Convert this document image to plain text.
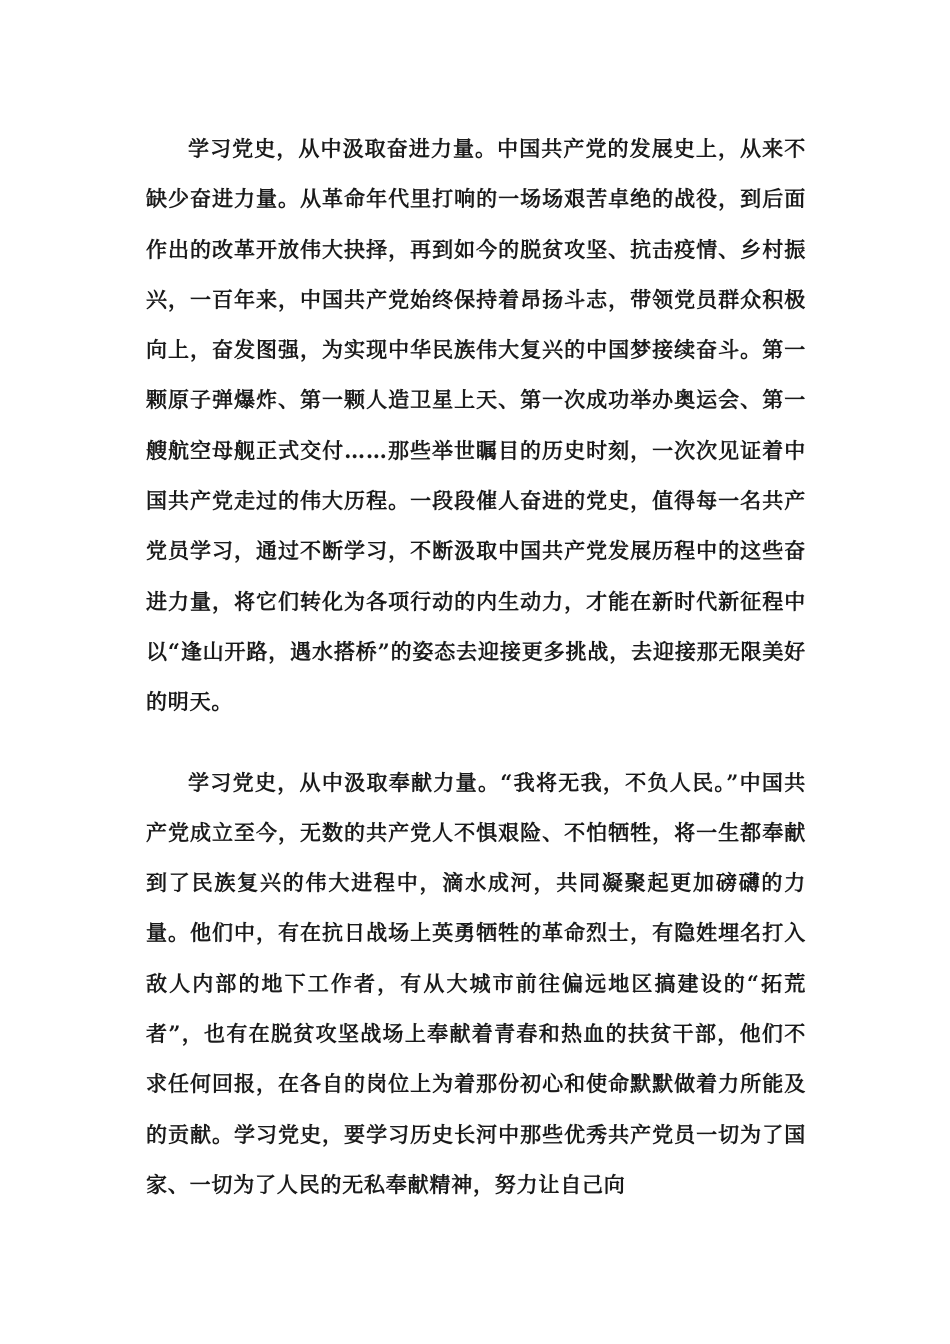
学习党史，从中汲取奋进力量。中国共产党的发展史上，从来不缺少奋进力量。从革命年代里打响的一场场艰苦卓绝的战役，到后面作出的改革开放伟大抉择，再到如今的脱贫攻坚、抗击疫情、乡村振兴，一百年来，中国共产党始终保持着昂扬斗志，带领党员群众积极向上，奋发图强，为实现中华民族伟大复兴的中国梦接续奋斗。第一颗原子弹爆炸、第一颗人造卫星上天、第一次成功举办奥运会、第一艘航空母舰正式交付……那些举世瞩目的历史时刻，一次次见证着中国共产党走过的伟大历程。一段段催人奋进的党史，值得每一名共产党员学习，通过不断学习，不断汲取中国共产党发展历程中的这些奋进力量，将它们转化为各项行动的内生动力，才能在新时代新征程中以“逢山开路，遇水搭桥”的姿态去迎接更多挑战，去迎接那无限美好的明天。

学习党史，从中汲取奉献力量。“我将无我，不负人民。”中国共产党成立至今，无数的共产党人不惧艰险、不怕牺牲，将一生都奉献到了民族复兴的伟大进程中，滴水成河，共同凝聚起更加磅礴的力量。他们中，有在抗日战场上英勇牺牲的革命烈士，有隐姓埋名打入敌人内部的地下工作者，有从大城市前往偏远地区搞建设的“拓荒者”，也有在脱贫攻坚战场上奉献着青春和热血的扶贫干部，他们不求任何回报，在各自的岗位上为着那份初心和使命默默做着力所能及的贡献。学习党史，要学习历史长河中那些优秀共产党员一切为了国家、一切为了人民的无私奉献精神，努力让自己向
